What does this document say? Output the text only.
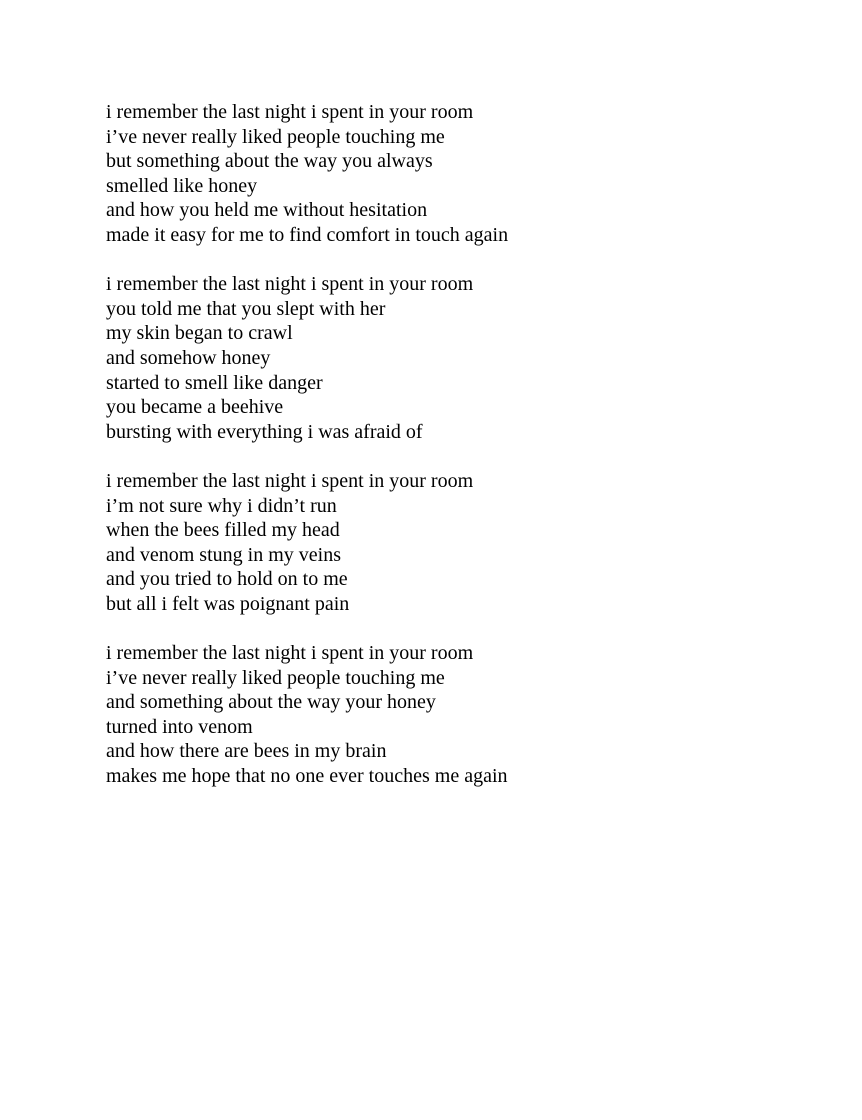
i remember the last night i spent in your room
i’ve never really liked people touching me
but something about the way you always
smelled like honey
and how you held me without hesitation
made it easy for me to find comfort in touch again
i remember the last night i spent in your room
you told me that you slept with her
my skin began to crawl
and somehow honey
started to smell like danger
you became a beehive
bursting with everything i was afraid of
i remember the last night i spent in your room
i’m not sure why i didn’t run
when the bees filled my head
and venom stung in my veins
and you tried to hold on to me
but all i felt was poignant pain
i remember the last night i spent in your room
i’ve never really liked people touching me
and something about the way your honey
turned into venom
and how there are bees in my brain
makes me hope that no one ever touches me again
